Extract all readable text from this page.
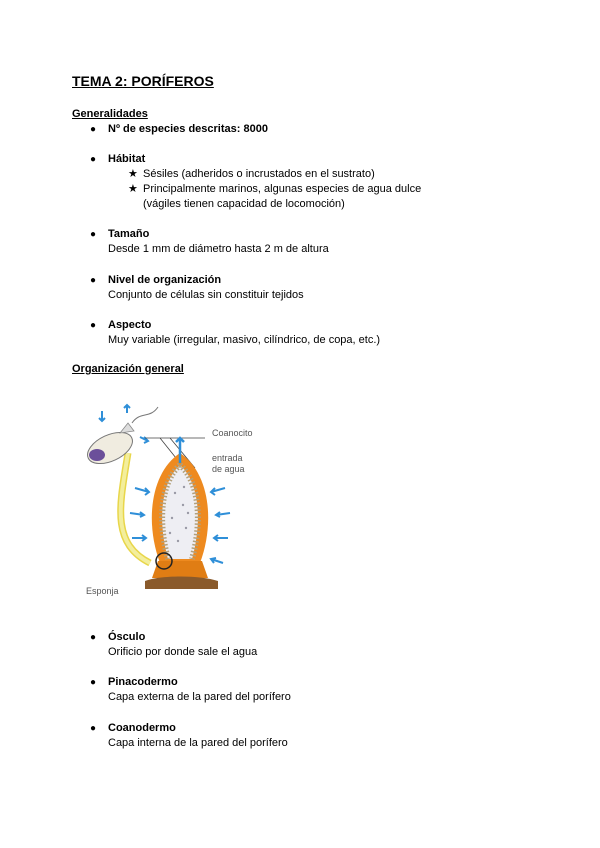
TEMA 2: PORÍFEROS
Generalidades
● Nº de especies descritas: 8000
● Hábitat
★ Sésiles (adheridos o incrustados en el sustrato)
★ Principalmente marinos, algunas especies de agua dulce
(vágiles tienen capacidad de locomoción)
● Tamaño
Desde 1 mm de diámetro hasta 2 m de altura
● Nivel de organización
Conjunto de células sin constituir tejidos
● Aspecto
Muy variable (irregular, masivo, cilíndrico, de copa, etc.)
Organización general
Coanocito
entrada
de agua
Esponja
● Ósculo
Orificio por donde sale el agua
● Pinacodermo
Capa externa de la pared del porífero
● Coanodermo
Capa interna de la pared del porífero
